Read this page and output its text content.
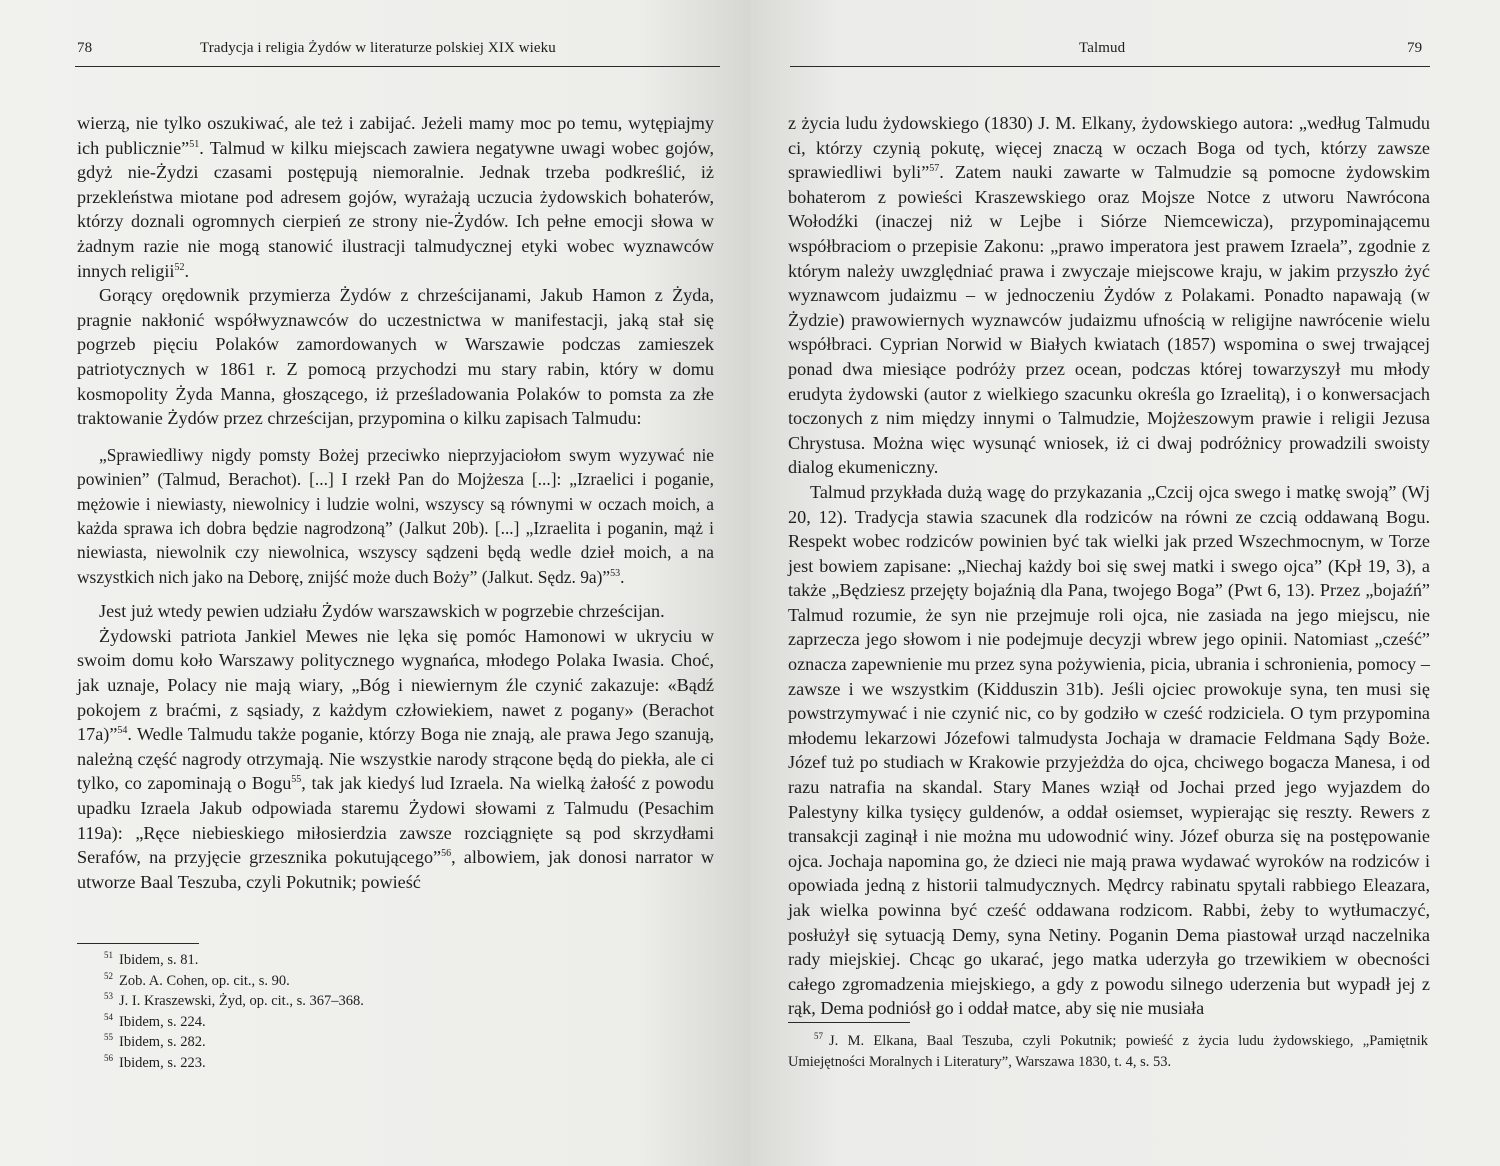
78	Tradycja i religia Żydów w literaturze polskiej XIX wieku

wierzą, nie tylko oszukiwać, ale też i zabijać. Jeżeli mamy moc po temu, wytępiajmy ich publicznie”$^{51}$. Talmud w kilku miejscach zawiera negatywne uwagi wobec gojów, gdyż nie-Żydzi czasami postępują niemoralnie. Jednak trzeba podkreślić, iż przekleństwa miotane pod adresem gojów, wyrażają uczucia żydowskich bohaterów, którzy doznali ogromnych cierpień ze strony nie-Żydów. Ich pełne emocji słowa w żadnym razie nie mogą stanowić ilustracji talmudycznej etyki wobec wyznawców innych religii$^{52}$.

Gorący orędownik przymierza Żydów z chrześcijanami, Jakub Hamon z Żyda, pragnie nakłonić współwyznawców do uczestnictwa w manifestacji, jaką stał się pogrzeb pięciu Polaków zamordowanych w Warszawie podczas zamieszek patriotycznych w 1861 r. Z pomocą przychodzi mu stary rabin, który w domu kosmopolity Żyda Manna, głoszącego, iż prześladowania Polaków to pomsta za złe traktowanie Żydów przez chrześcijan, przypomina o kilku zapisach Talmudu:

„Sprawiedliwy nigdy pomsty Bożej przeciwko nieprzyjaciołom swym wyzywać nie powinien” (Talmud, Berachot). [...] I rzekł Pan do Mojżesza [...]: „Izraelici i poganie, mężowie i niewiasty, niewolnicy i ludzie wolni, wszyscy są równymi w oczach moich, a każda sprawa ich dobra będzie nagrodzoną” (Jalkut 20b). [...] „Izraelita i poganin, mąż i niewiasta, niewolnik czy niewolnica, wszyscy sądzeni będą wedle dzieł moich, a na wszystkich nich jako na Deborę, znijść może duch Boży” (Jalkut. Sędz. 9a)”$^{53}$.

Jest już wtedy pewien udziału Żydów warszawskich w pogrzebie chrześcijan.

Żydowski patriota Jankiel Mewes nie lęka się pomóc Hamonowi w ukryciu w swoim domu koło Warszawy politycznego wygnańca, młodego Polaka Iwasia. Choć, jak uznaje, Polacy nie mają wiary, „Bóg i niewiernym źle czynić zakazuje: «Bądź pokojem z braćmi, z sąsiady, z każdym człowiekiem, nawet z pogany» (Berachot 17a)”$^{54}$. Wedle Talmudu także poganie, którzy Boga nie znają, ale prawa Jego szanują, należną część nagrody otrzymają. Nie wszystkie narody strącone będą do piekła, ale ci tylko, co zapominają o Bogu$^{55}$, tak jak kiedyś lud Izraela. Na wielką żałość z powodu upadku Izraela Jakub odpowiada staremu Żydowi słowami z Talmudu (Pesachim 119a): „Ręce niebieskiego miłosierdzia zawsze rozciągnięte są pod skrzydłami Serafów, na przyjęcie grzesznika pokutującego”$^{56}$, albowiem, jak donosi narrator w utworze Baal Teszuba, czyli Pokutnik; powieść

$^{51}$ Ibidem, s. 81.
$^{52}$ Zob. A. Cohen, op. cit., s. 90.
$^{53}$ J. I. Kraszewski, Żyd, op. cit., s. 367–368.
$^{54}$ Ibidem, s. 224.
$^{55}$ Ibidem, s. 282.
$^{56}$ Ibidem, s. 223.
Talmud	79

z życia ludu żydowskiego (1830) J. M. Elkany, żydowskiego autora: „według Talmudu ci, którzy czynią pokutę, więcej znaczą w oczach Boga od tych, którzy zawsze sprawiedliwi byli”$^{57}$. Zatem nauki zawarte w Talmudzie są pomocne żydowskim bohaterom z powieści Kraszewskiego oraz Mojsze Notce z utworu Nawrócona Wołodźki (inaczej niż w Lejbe i Siórze Niemcewicza), przypominającemu współbraciom o przepisie Zakonu: „prawo imperatora jest prawem Izraela”, zgodnie z którym należy uwzględniać prawa i zwyczaje miejscowe kraju, w jakim przyszło żyć wyznawcom judaizmu – w jednoczeniu Żydów z Polakami. Ponadto napawają (w Żydzie) prawowiernych wyznawców judaizmu ufnością w religijne nawrócenie wielu współbraci. Cyprian Norwid w Białych kwiatach (1857) wspomina o swej trwającej ponad dwa miesiące podróży przez ocean, podczas której towarzyszył mu młody erudyta żydowski (autor z wielkiego szacunku określa go Izraelitą), i o konwersacjach toczonych z nim między innymi o Talmudzie, Mojżeszowym prawie i religii Jezusa Chrystusa. Można więc wysunąć wniosek, iż ci dwaj podróżnicy prowadzili swoisty dialog ekumeniczny.

Talmud przykłada dużą wagę do przykazania „Czcij ojca swego i matkę swoją” (Wj 20, 12). Tradycja stawia szacunek dla rodziców na równi ze czcią oddawaną Bogu. Respekt wobec rodziców powinien być tak wielki jak przed Wszechmocnym, w Torze jest bowiem zapisane: „Niechaj każdy boi się swej matki i swego ojca” (Kpł 19, 3), a także „Będziesz przejęty bojaźnią dla Pana, twojego Boga” (Pwt 6, 13). Przez „bojaźń” Talmud rozumie, że syn nie przejmuje roli ojca, nie zasiada na jego miejscu, nie zaprzecza jego słowom i nie podejmuje decyzji wbrew jego opinii. Natomiast „cześć” oznacza zapewnienie mu przez syna pożywienia, picia, ubrania i schronienia, pomocy – zawsze i we wszystkim (Kidduszin 31b). Jeśli ojciec prowokuje syna, ten musi się powstrzymywać i nie czynić nic, co by godziło w cześć rodziciela. O tym przypomina młodemu lekarzowi Józefowi talmudysta Jochaja w dramacie Feldmana Sądy Boże. Józef tuż po studiach w Krakowie przyjeżdża do ojca, chciwego bogacza Manesa, i od razu natrafia na skandal. Stary Manes wziął od Jochai przed jego wyjazdem do Palestyny kilka tysięcy guldenów, a oddał osiemset, wypierając się reszty. Rewers z transakcji zaginął i nie można mu udowodnić winy. Józef oburza się na postępowanie ojca. Jochaja napomina go, że dzieci nie mają prawa wydawać wyroków na rodziców i opowiada jedną z historii talmudycznych. Mędrcy rabinatu spytali rabbiego Eleazara, jak wielka powinna być cześć oddawana rodzicom. Rabbi, żeby to wytłumaczyć, posłużył się sytuacją Demy, syna Netiny. Poganin Dema piastował urząd naczelnika rady miejskiej. Chcąc go ukarać, jego matka uderzyła go trzewikiem w obecności całego zgromadzenia miejskiego, a gdy z powodu silnego uderzenia but wypadł jej z rąk, Dema podniósł go i oddał matce, aby się nie musiała

$^{57}$ J. M. Elkana, Baal Teszuba, czyli Pokutnik; powieść z życia ludu żydowskiego, „Pamiętnik Umiejętności Moralnych i Literatury”, Warszawa 1830, t. 4, s. 53.
